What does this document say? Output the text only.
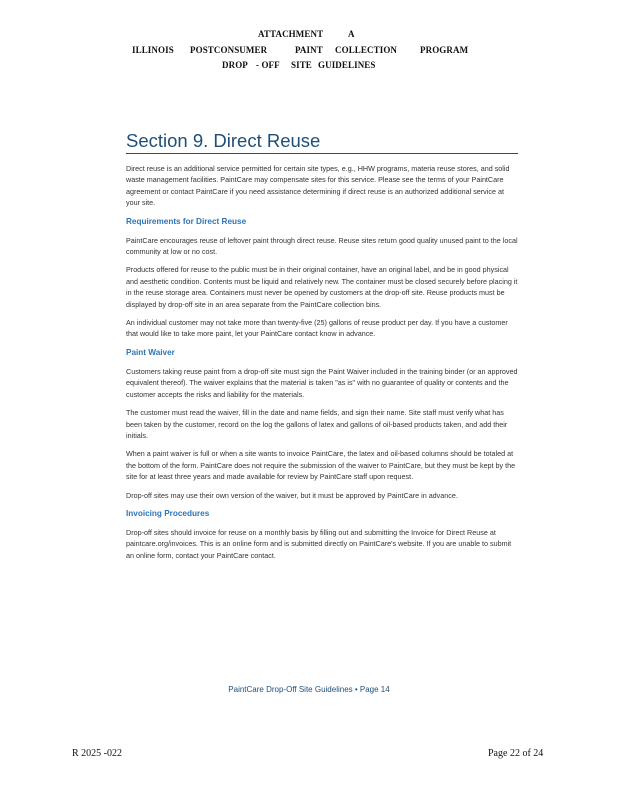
ATTACHMENT	A
ILLINOIS POSTCONSUMER	PAINT COLLECTION	PROGRAM
DROP - OFF SITE GUIDELINES
Section 9. Direct Reuse

Direct reuse is an additional service permitted for certain site types, e.g., HHW programs, materia reuse stores, and solid waste management facilities. PaintCare may compensate sites for this service. Please see the terms of your PaintCare agreement or contact PaintCare if you need assistance determining if direct reuse is an authorized additional service at your site.

Requirements for Direct Reuse

PaintCare encourages reuse of leftover paint through direct reuse. Reuse sites return good quality unused paint to the local community at low or no cost.

Products offered for reuse to the public must be in their original container, have an original label, and be in good physical and aesthetic condition. Contents must be liquid and relatively new. The container must be closed securely before placing it in the reuse storage area. Containers must never be opened by customers at the drop-off site. Reuse products must be displayed by drop-off site in an area separate from the PaintCare collection bins.

An individual customer may not take more than twenty-five (25) gallons of reuse product per day. If you have a customer that would like to take more paint, let your PaintCare contact know in advance.

Paint Waiver

Customers taking reuse paint from a drop-off site must sign the Paint Waiver included in the training binder (or an approved equivalent thereof). The waiver explains that the material is taken "as is" with no guarantee of quality or contents and the customer accepts the risks and liability for the materials.

The customer must read the waiver, fill in the date and name fields, and sign their name. Site staff must verify what has been taken by the customer, record on the log the gallons of latex and gallons of oil-based products taken, and add their initials.

When a paint waiver is full or when a site wants to invoice PaintCare, the latex and oil-based columns should be totaled at the bottom of the form. PaintCare does not require the submission of the waiver to PaintCare, but they must be kept by the site for at least three years and made available for review by PaintCare staff upon request.

Drop-off sites may use their own version of the waiver, but it must be approved by PaintCare in advance.

Invoicing Procedures

Drop-off sites should invoice for reuse on a monthly basis by filling out and submitting the Invoice for Direct Reuse at paintcare.org/invoices. This is an online form and is submitted directly on PaintCare's website. If you are unable to submit an online form, contact your PaintCare contact.

PaintCare Drop-Off Site Guidelines • Page 14
R 2025 -022	Page 22 of 24
